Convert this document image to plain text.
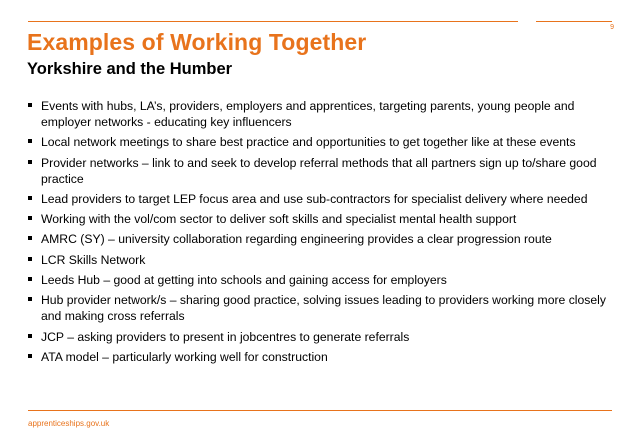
9
Examples of Working Together
Yorkshire and the Humber
Events with hubs, LA’s, providers, employers and apprentices, targeting parents, young people and employer networks - educating key influencers
Local network meetings to share best practice and opportunities to get together like at these events
Provider networks – link to and seek to develop referral methods that all partners sign up to/share good practice
Lead providers to target LEP focus area and use sub-contractors for specialist delivery where needed
Working with the vol/com sector to deliver soft skills and specialist mental health support
AMRC (SY) – university collaboration regarding engineering provides a clear progression route
LCR Skills Network
Leeds Hub – good at getting into schools and gaining access for employers
Hub provider network/s – sharing good practice, solving issues leading to providers working more closely and making cross referrals
JCP – asking providers to present in jobcentres to generate referrals
ATA model – particularly working well for construction
apprenticeships.gov.uk
